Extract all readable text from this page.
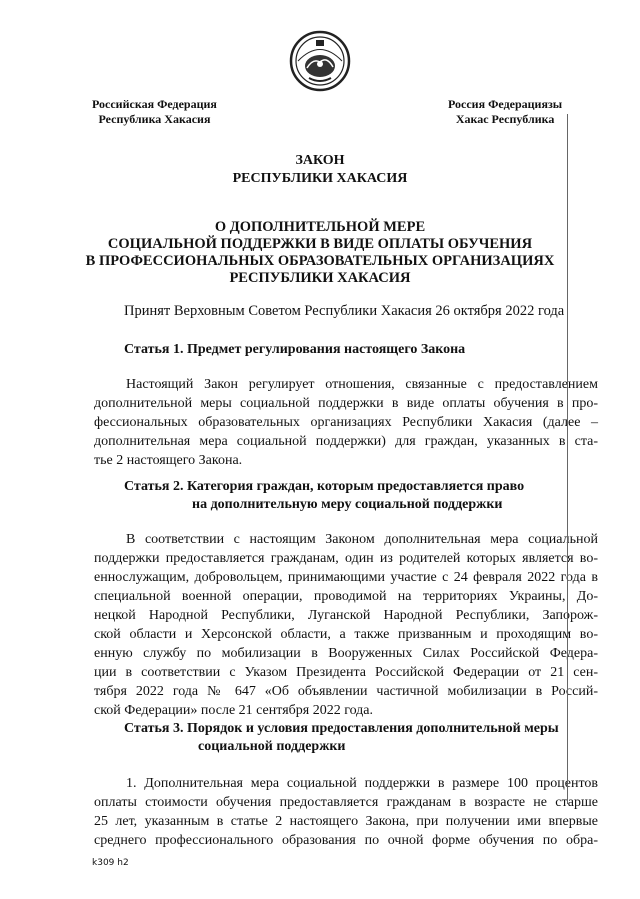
Российская Федерация
Республика Хакасия
Россия Федерациязы
Хакас Республика
ЗАКОН
РЕСПУБЛИКИ ХАКАСИЯ
О ДОПОЛНИТЕЛЬНОЙ МЕРЕ
СОЦИАЛЬНОЙ ПОДДЕРЖКИ В ВИДЕ ОПЛАТЫ ОБУЧЕНИЯ
В ПРОФЕССИОНАЛЬНЫХ ОБРАЗОВАТЕЛЬНЫХ ОРГАНИЗАЦИЯХ
РЕСПУБЛИКИ ХАКАСИЯ
Принят Верховным Советом Республики Хакасия 26 октября 2022 года
Статья 1. Предмет регулирования настоящего Закона
Настоящий Закон регулирует отношения, связанные с предоставлением
дополнительной меры социальной поддержки в виде оплаты обучения в про-
фессиональных образовательных организациях Республики Хакасия (далее –
дополнительная мера социальной поддержки) для граждан, указанных в ста-
тье 2 настоящего Закона.
Статья 2. Категория граждан, которым предоставляется право
на дополнительную меру социальной поддержки
В соответствии с настоящим Законом дополнительная мера социальной
поддержки предоставляется гражданам, один из родителей которых является во-
еннослужащим, добровольцем, принимающими участие с 24 февраля 2022 года в
специальной военной операции, проводимой на территориях Украины, До-
нецкой Народной Республики, Луганской Народной Республики, Запорож-
ской области и Херсонской области, а также призванным и проходящим во-
енную службу по мобилизации в Вооруженных Силах Российской Федера-
ции в соответствии с Указом Президента Российской Федерации от 21 сен-
тября 2022 года № 647 «Об объявлении частичной мобилизации в Россий-
ской Федерации» после 21 сентября 2022 года.
Статья 3. Порядок и условия предоставления дополнительной меры
социальной поддержки
1. Дополнительная мера социальной поддержки в размере 100 процентов
оплаты стоимости обучения предоставляется гражданам в возрасте не старше
25 лет, указанным в статье 2 настоящего Закона, при получении ими впервые
среднего профессионального образования по очной форме обучения по обра-
k309 h2
